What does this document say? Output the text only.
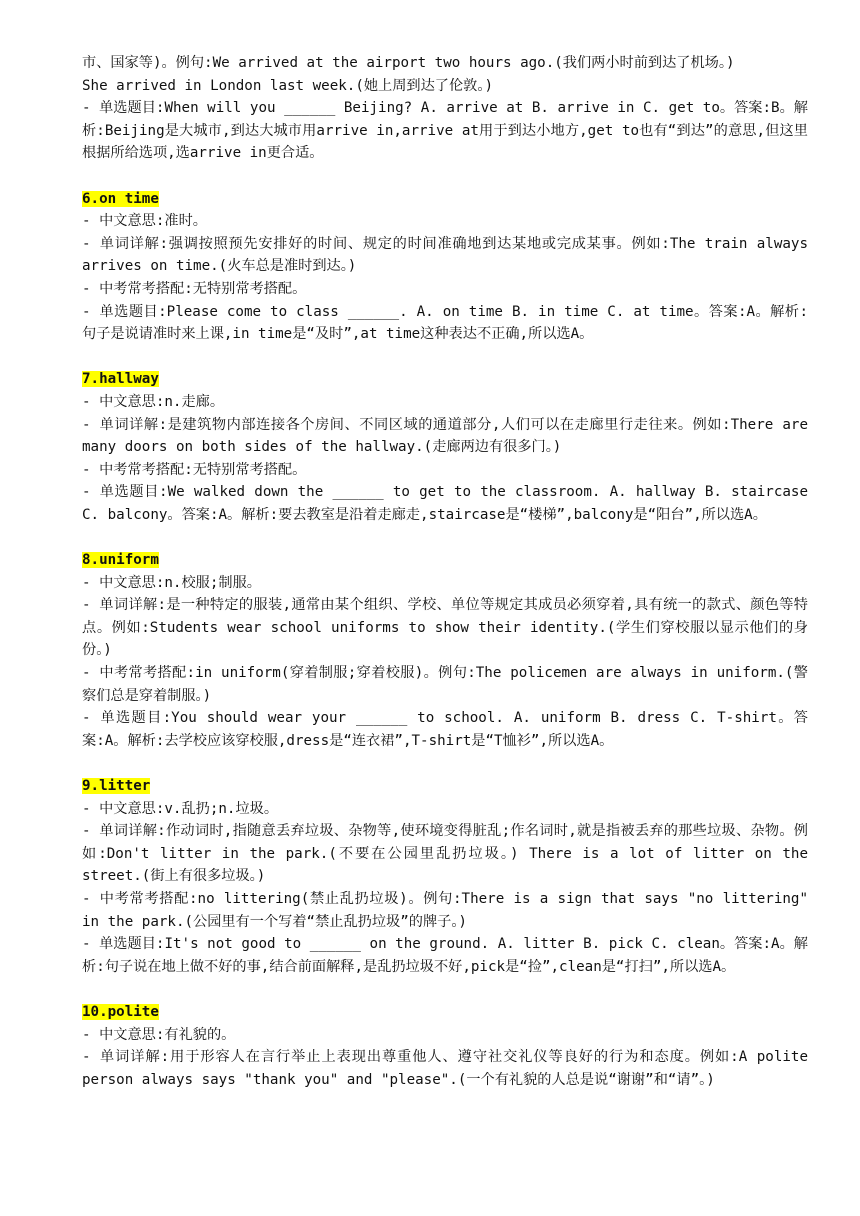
市、国家等)。例句:We arrived at the airport two hours ago.(我们两小时前到达了机场。)

She arrived in London last week.(她上周到达了伦敦。)

- 单选题目:When will you ______ Beijing? A. arrive at B. arrive in C. get to。答案:B。解析:Beijing是大城市,到达大城市用arrive in,arrive at用于到达小地方,get to也有“到达”的意思,但这里根据所给选项,选arrive in更合适。

6.on time

- 中文意思:准时。

- 单词详解:强调按照预先安排好的时间、规定的时间准确地到达某地或完成某事。例如:The train always arrives on time.(火车总是准时到达。)

- 中考常考搭配:无特别常考搭配。

- 单选题目:Please come to class ______. A. on time B. in time C. at time。答案:A。解析:句子是说请准时来上课,in time是“及时”,at time这种表达不正确,所以选A。

7.hallway

- 中文意思:n.走廊。

- 单词详解:是建筑物内部连接各个房间、不同区域的通道部分,人们可以在走廊里行走往来。例如:There are many doors on both sides of the hallway.(走廊两边有很多门。)

- 中考常考搭配:无特别常考搭配。

- 单选题目:We walked down the ______ to get to the classroom. A. hallway B. staircase C. balcony。答案:A。解析:要去教室是沿着走廊走,staircase是“楼梯”,balcony是“阳台”,所以选A。

8.uniform

- 中文意思:n.校服;制服。

- 单词详解:是一种特定的服装,通常由某个组织、学校、单位等规定其成员必须穿着,具有统一的款式、颜色等特点。例如:Students wear school uniforms to show their identity.(学生们穿校服以显示他们的身份。)

- 中考常考搭配:in uniform(穿着制服;穿着校服)。例句:The policemen are always in uniform.(警察们总是穿着制服。)

- 单选题目:You should wear your ______ to school. A. uniform B. dress C. T-shirt。答案:A。解析:去学校应该穿校服,dress是“连衣裙”,T-shirt是“T恤衫”,所以选A。

9.litter

- 中文意思:v.乱扔;n.垃圾。

- 单词详解:作动词时,指随意丢弃垃圾、杂物等,使环境变得脏乱;作名词时,就是指被丢弃的那些垃圾、杂物。例如:Don't litter in the park.(不要在公园里乱扔垃圾。) There is a lot of litter on the street.(街上有很多垃圾。)

- 中考常考搭配:no littering(禁止乱扔垃圾)。例句:There is a sign that says "no littering" in the park.(公园里有一个写着“禁止乱扔垃圾”的牌子。)

- 单选题目:It's not good to ______ on the ground. A. litter B. pick C. clean。答案:A。解析:句子说在地上做不好的事,结合前面解释,是乱扔垃圾不好,pick是“捡”,clean是“打扫”,所以选A。

10.polite

- 中文意思:有礼貌的。

- 单词详解:用于形容人在言行举止上表现出尊重他人、遵守社交礼仪等良好的行为和态度。例如:A polite person always says "thank you" and "please".(一个有礼貌的人总是说“谢谢”和“请”。)
